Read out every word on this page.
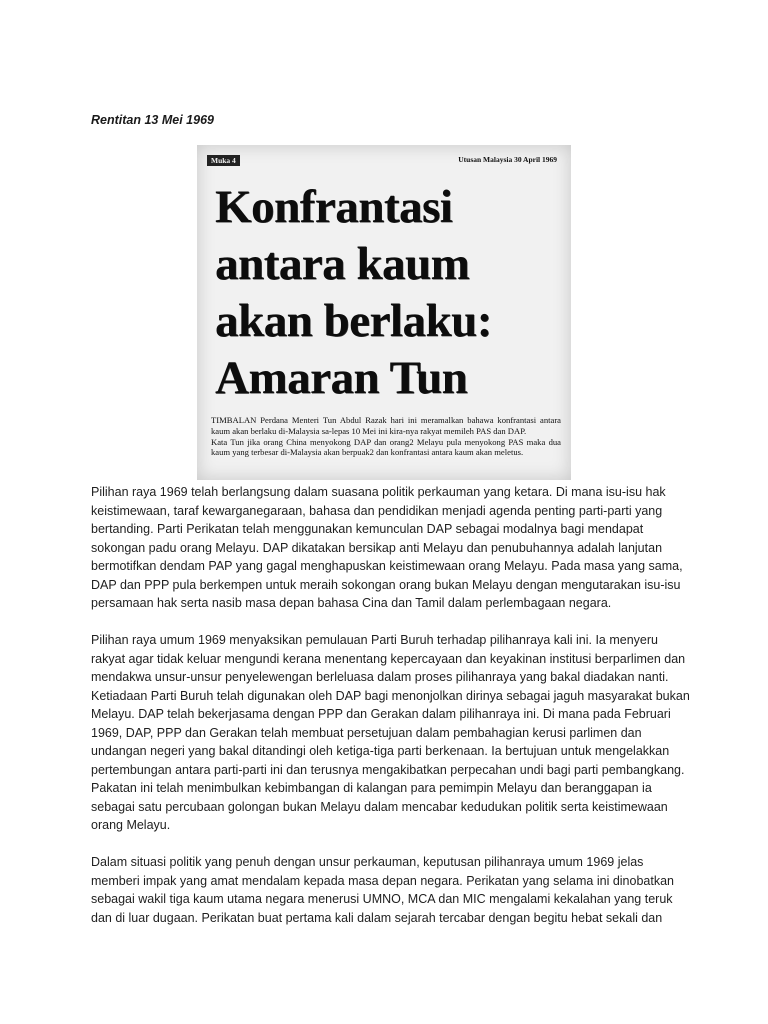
Rentitan 13 Mei 1969
Muka 4	Utusan Malaysia 30 April 1969
Konfrantasi
antara kaum
akan berlaku:
Amaran Tun

TIMBALAN Perdana Menteri Tun Abdul Razak hari ini meramalkan bahawa konfrantasi antara kaum akan berlaku di-Malaysia sa-lepas 10 Mei ini kira-nya rakyat memileh PAS dan DAP.

Kata Tun jika orang China menyokong DAP dan orang2 Melayu pula menyokong PAS maka dua kaum yang terbesar di-Malaysia akan berpuak2 dan konfrantasi antara kaum akan meletus.

Pilihan raya 1969 telah berlangsung dalam suasana politik perkauman yang ketara. Di mana isu-isu hak keistimewaan, taraf kewarganegaraan, bahasa dan pendidikan menjadi agenda penting parti-parti yang bertanding. Parti Perikatan telah menggunakan kemunculan DAP sebagai modalnya bagi mendapat sokongan padu orang Melayu. DAP dikatakan bersikap anti Melayu dan penubuhannya adalah lanjutan bermotifkan dendam PAP yang gagal menghapuskan keistimewaan orang Melayu. Pada masa yang sama, DAP dan PPP pula berkempen untuk meraih sokongan orang bukan Melayu dengan mengutarakan isu-isu persamaan hak serta nasib masa depan bahasa Cina dan Tamil dalam perlembagaan negara.

Pilihan raya umum 1969 menyaksikan pemulauan Parti Buruh terhadap pilihanraya kali ini. Ia menyeru rakyat agar tidak keluar mengundi kerana menentang kepercayaan dan keyakinan institusi berparlimen dan mendakwa unsur-unsur penyelewengan berleluasa dalam proses pilihanraya yang bakal diadakan nanti. Ketiadaan Parti Buruh telah digunakan oleh DAP bagi menonjolkan dirinya sebagai jaguh masyarakat bukan Melayu. DAP telah bekerjasama dengan PPP dan Gerakan dalam pilihanraya ini. Di mana pada Februari 1969, DAP, PPP dan Gerakan telah membuat persetujuan dalam pembahagian kerusi parlimen dan undangan negeri yang bakal ditandingi oleh ketiga-tiga parti berkenaan. Ia bertujuan untuk mengelakkan pertembungan antara parti-parti ini dan terusnya mengakibatkan perpecahan undi bagi parti pembangkang. Pakatan ini telah menimbulkan kebimbangan di kalangan para pemimpin Melayu dan beranggapan ia sebagai satu percubaan golongan bukan Melayu dalam mencabar kedudukan politik serta keistimewaan orang Melayu.

Dalam situasi politik yang penuh dengan unsur perkauman, keputusan pilihanraya umum 1969 jelas memberi impak yang amat mendalam kepada masa depan negara. Perikatan yang selama ini dinobatkan sebagai wakil tiga kaum utama negara menerusi UMNO, MCA dan MIC mengalami kekalahan yang teruk dan di luar dugaan. Perikatan buat pertama kali dalam sejarah tercabar dengan begitu hebat sekali dan
